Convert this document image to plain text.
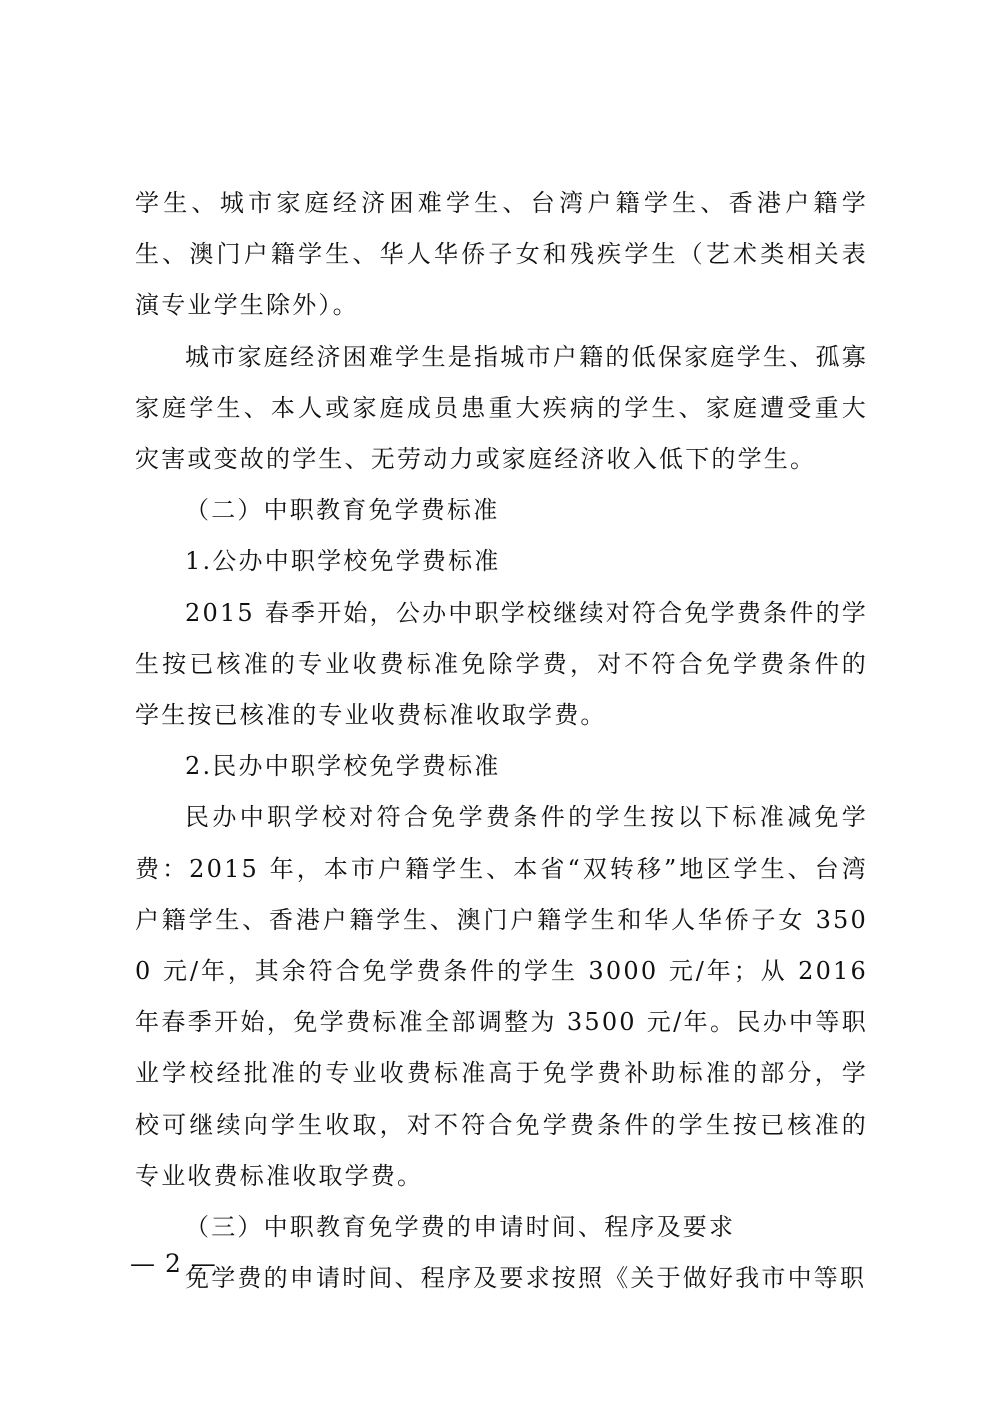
学生、城市家庭经济困难学生、台湾户籍学生、香港户籍学生、澳门户籍学生、华人华侨子女和残疾学生（艺术类相关表演专业学生除外）。

城市家庭经济困难学生是指城市户籍的低保家庭学生、孤寡家庭学生、本人或家庭成员患重大疾病的学生、家庭遭受重大灾害或变故的学生、无劳动力或家庭经济收入低下的学生。

（二）中职教育免学费标准

1.公办中职学校免学费标准

2015 春季开始，公办中职学校继续对符合免学费条件的学生按已核准的专业收费标准免除学费，对不符合免学费条件的学生按已核准的专业收费标准收取学费。

2.民办中职学校免学费标准

民办中职学校对符合免学费条件的学生按以下标准减免学费：2015 年，本市户籍学生、本省“双转移”地区学生、台湾户籍学生、香港户籍学生、澳门户籍学生和华人华侨子女 3500 元/年，其余符合免学费条件的学生 3000 元/年；从 2016 年春季开始，免学费标准全部调整为 3500 元/年。民办中等职业学校经批准的专业收费标准高于免学费补助标准的部分，学校可继续向学生收取，对不符合免学费条件的学生按已核准的专业收费标准收取学费。

（三）中职教育免学费的申请时间、程序及要求

免学费的申请时间、程序及要求按照《关于做好我市中等职

— 2 —
